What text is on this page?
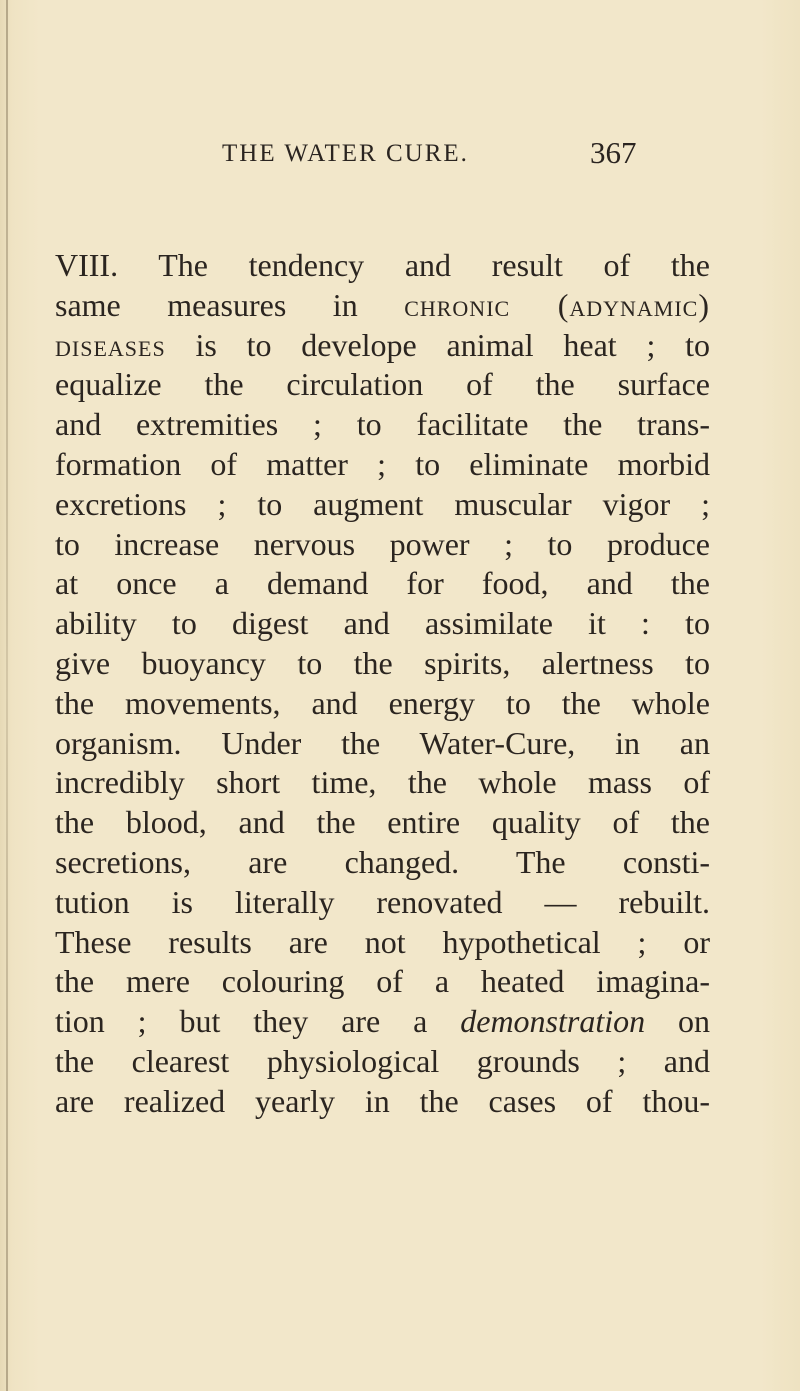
THE WATER CURE.	367
VIII. The tendency and result of the
same measures in chronic (adynamic)
diseases is to develope animal heat ; to
equalize the circulation of the surface
and extremities ; to facilitate the trans-
formation of matter ; to eliminate morbid
excretions ; to augment muscular vigor ;
to increase nervous power ; to produce
at once a demand for food, and the
ability to digest and assimilate it : to
give buoyancy to the spirits, alertness to
the movements, and energy to the whole
organism. Under the Water-Cure, in an
incredibly short time, the whole mass of
the blood, and the entire quality of the
secretions, are changed. The consti-
tution is literally renovated — rebuilt.
These results are not hypothetical ; or
the mere colouring of a heated imagina-
tion ; but they are a demonstration on
the clearest physiological grounds ; and
are realized yearly in the cases of thou-
